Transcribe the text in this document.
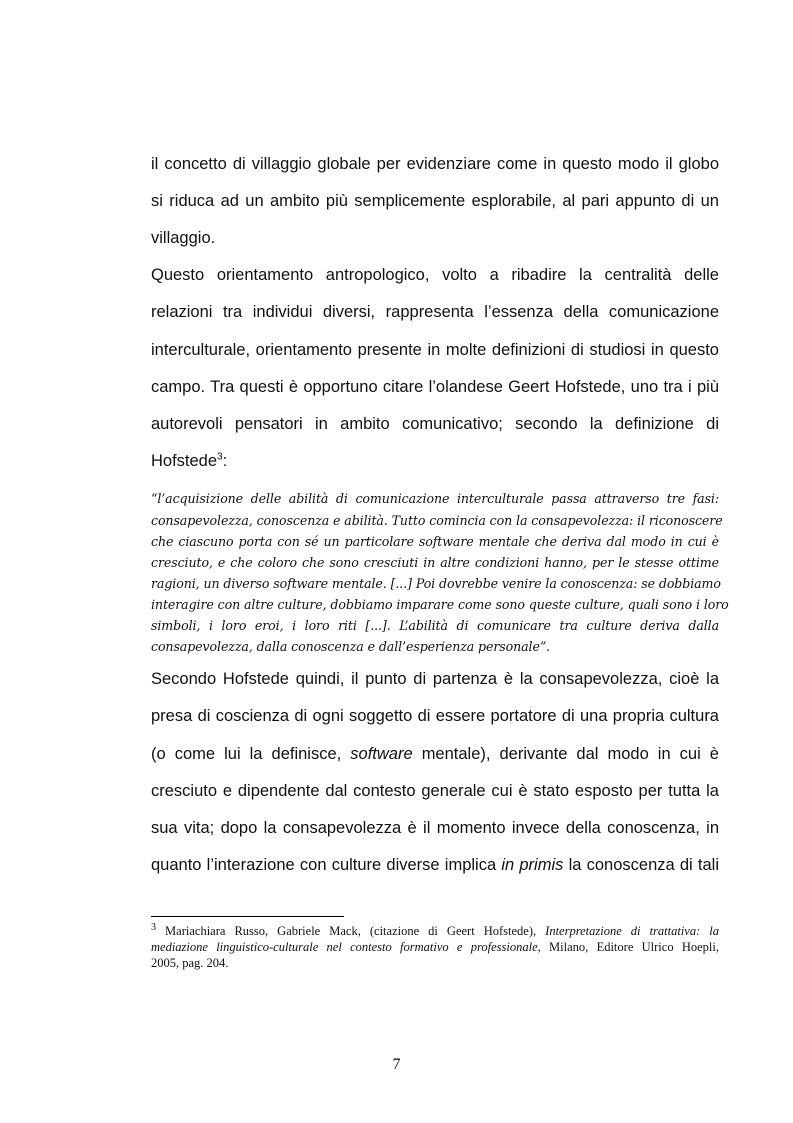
il concetto di villaggio globale per evidenziare come in questo modo il globo

si riduca ad un ambito più semplicemente esplorabile, al pari appunto di un

villaggio.

Questo orientamento antropologico, volto a ribadire la centralità delle

relazioni tra individui diversi, rappresenta l’essenza della comunicazione

interculturale, orientamento presente in molte definizioni di studiosi in questo

campo. Tra questi è opportuno citare l’olandese Geert Hofstede, uno tra i più

autorevoli pensatori in ambito comunicativo; secondo la definizione di

Hofstede$^3$:

“l’acquisizione delle abilità di comunicazione interculturale passa attraverso tre fasi:

consapevolezza, conoscenza e abilità. Tutto comincia con la consapevolezza: il riconoscere

che ciascuno porta con sé un particolare software mentale che deriva dal modo in cui è

cresciuto, e che coloro che sono cresciuti in altre condizioni hanno, per le stesse ottime

ragioni, un diverso software mentale. [...] Poi dovrebbe venire la conoscenza: se dobbiamo

interagire con altre culture, dobbiamo imparare come sono queste culture, quali sono i loro

simboli, i loro eroi, i loro riti [...]. L’abilità di comunicare tra culture deriva dalla

consapevolezza, dalla conoscenza e dall’esperienza personale”.

Secondo Hofstede quindi, il punto di partenza è la consapevolezza, cioè la

presa di coscienza di ogni soggetto di essere portatore di una propria cultura

(o come lui la definisce, software mentale), derivante dal modo in cui è

cresciuto e dipendente dal contesto generale cui è stato esposto per tutta la

sua vita; dopo la consapevolezza è il momento invece della conoscenza, in

quanto l’interazione con culture diverse implica in primis la conoscenza di tali

$^3$ Mariachiara Russo, Gabriele Mack, (citazione di Geert Hofstede), Interpretazione di trattativa: la

mediazione linguistico-culturale nel contesto formativo e professionale, Milano, Editore Ulrico Hoepli,

2005, pag. 204.

7
